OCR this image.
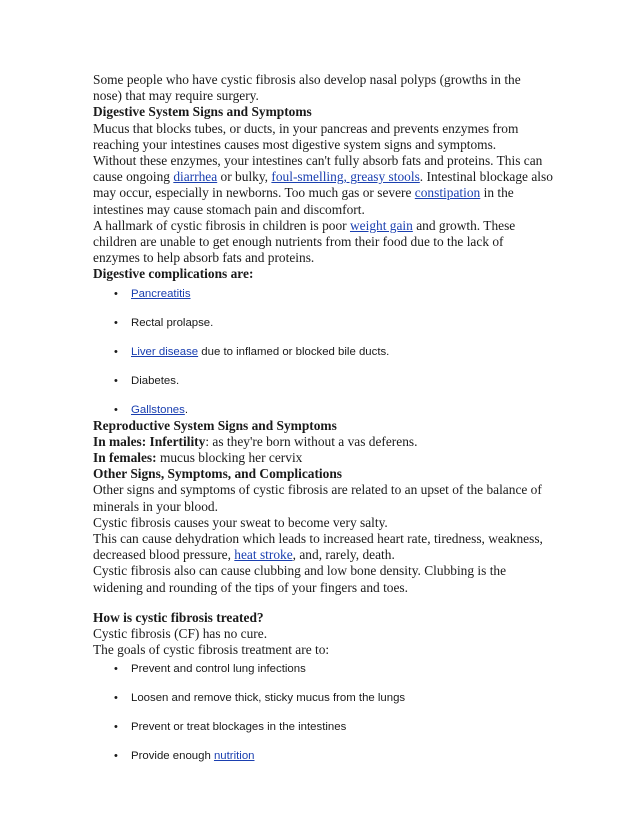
Some people who have cystic fibrosis also develop nasal polyps (growths in the nose) that may require surgery.

Digestive System Signs and Symptoms

Mucus that blocks tubes, or ducts, in your pancreas and prevents enzymes from reaching your intestines causes most digestive system signs and symptoms.

Without these enzymes, your intestines can't fully absorb fats and proteins. This can cause ongoing diarrhea or bulky, foul-smelling, greasy stools. Intestinal blockage also may occur, especially in newborns. Too much gas or severe constipation in the intestines may cause stomach pain and discomfort.

A hallmark of cystic fibrosis in children is poor weight gain and growth. These children are unable to get enough nutrients from their food due to the lack of enzymes to help absorb fats and proteins.

Digestive complications are:

• Pancreatitis
• Rectal prolapse.
• Liver disease due to inflamed or blocked bile ducts.
• Diabetes.
• Gallstones.

Reproductive System Signs and Symptoms

In males: Infertility: as they're born without a vas deferens.

In females: mucus blocking her cervix

Other Signs, Symptoms, and Complications

Other signs and symptoms of cystic fibrosis are related to an upset of the balance of minerals in your blood.

Cystic fibrosis causes your sweat to become very salty.

This can cause dehydration which leads to increased heart rate, tiredness, weakness, decreased blood pressure, heat stroke, and, rarely, death.

Cystic fibrosis also can cause clubbing and low bone density. Clubbing is the widening and rounding of the tips of your fingers and toes.

How is cystic fibrosis treated?

Cystic fibrosis (CF) has no cure.

The goals of cystic fibrosis treatment are to:

• Prevent and control lung infections
• Loosen and remove thick, sticky mucus from the lungs
• Prevent or treat blockages in the intestines
• Provide enough nutrition
